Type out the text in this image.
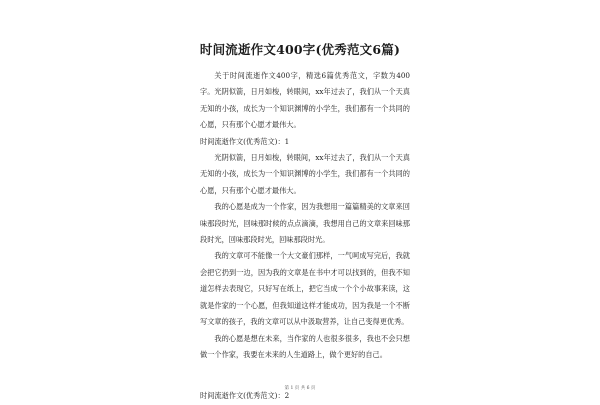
时间流逝作文400字(优秀范文6篇)

关于时间流逝作文400字，精选6篇优秀范文，字数为400字。光阴似箭，日月如梭，转眼间，xx年过去了，我们从一个天真无知的小孩，成长为一个知识渊博的小学生，我们都有一个共同的心愿，只有那个心愿才最伟大。

时间流逝作文(优秀范文)：1

光阴似箭，日月如梭，转眼间，xx年过去了，我们从一个天真无知的小孩，成长为一个知识渊博的小学生，我们都有一个共同的心愿，只有那个心愿才最伟大。

我的心愿是成为一个作家，因为我想用一篇篇精美的文章来回味那段时光，回味那时候的点点滴滴，我想用自己的文章来回味那段时光，回味那段时光，回味那段时光。

我的文章可不能像一个大文豪们那样，一气呵成写完后，我就会把它扔到一边，因为我的文章是在书中才可以找到的，但我不知道怎样去表现它，只好写在纸上，把它当成一个个小故事来读，这就是作家的一个心愿，但我知道这样才能成功，因为我是一个不断写文章的孩子，我的文章可以从中汲取营养，让自己变得更优秀。

我的心愿是想在未来，当作家的人也很多很多，我也不会只想做一个作家，我要在未来的人生道路上，做个更好的自己。

时间流逝作文(优秀范文)：2

第 1 页 共 6 页
